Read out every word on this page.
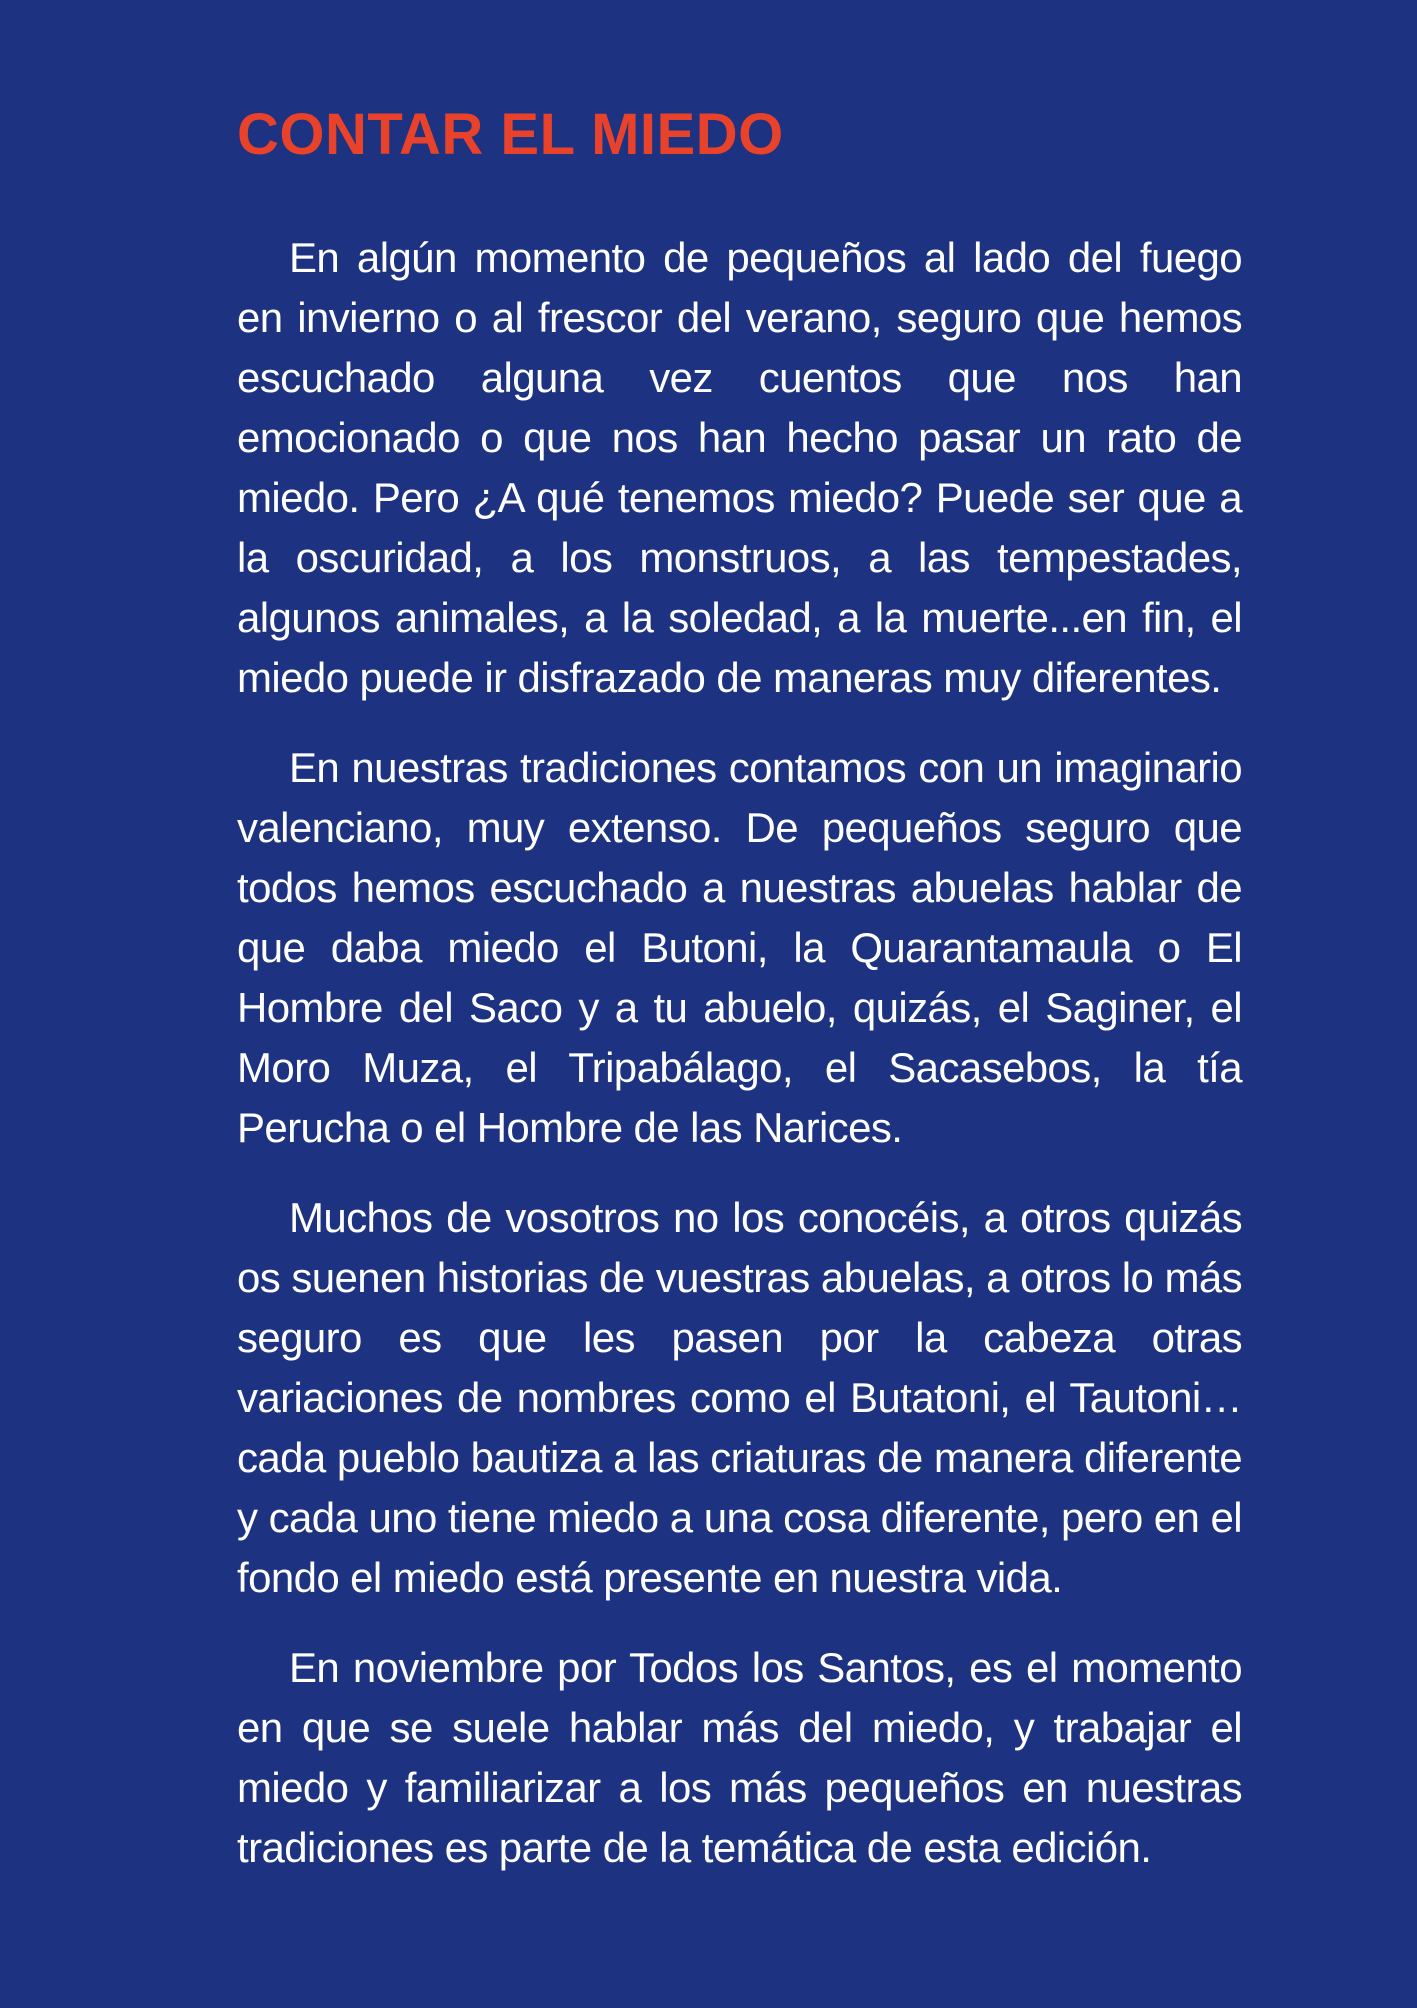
CONTAR EL MIEDO

En algún momento de pequeños al lado del fuego en invierno o al frescor del verano, seguro que hemos escuchado alguna vez cuentos que nos han emocionado o que nos han hecho pasar un rato de miedo. Pero ¿A qué tenemos miedo? Puede ser que a la oscuridad, a los monstruos, a las tempestades, algunos animales, a la soledad, a la muerte...en fin, el miedo puede ir disfrazado de maneras muy diferentes.

En nuestras tradiciones contamos con un imaginario valenciano, muy extenso. De pequeños seguro que todos hemos escuchado a nuestras abuelas hablar de que daba miedo el Butoni, la Quarantamaula o El Hombre del Saco y a tu abuelo, quizás, el Saginer, el Moro Muza, el Tripabálago, el Sacasebos, la tía Perucha o el Hombre de las Narices.

Muchos de vosotros no los conocéis, a otros quizás os suenen historias de vuestras abuelas, a otros lo más seguro es que les pasen por la cabeza otras variaciones de nombres como el Butatoni, el Tautoni… cada pueblo bautiza a las criaturas de manera diferente y cada uno tiene miedo a una cosa diferente, pero en el fondo el miedo está presente en nuestra vida.

En noviembre por Todos los Santos, es el momento en que se suele hablar más del miedo, y trabajar el miedo y familiarizar a los más pequeños en nuestras tradiciones es parte de la temática de esta edición.
